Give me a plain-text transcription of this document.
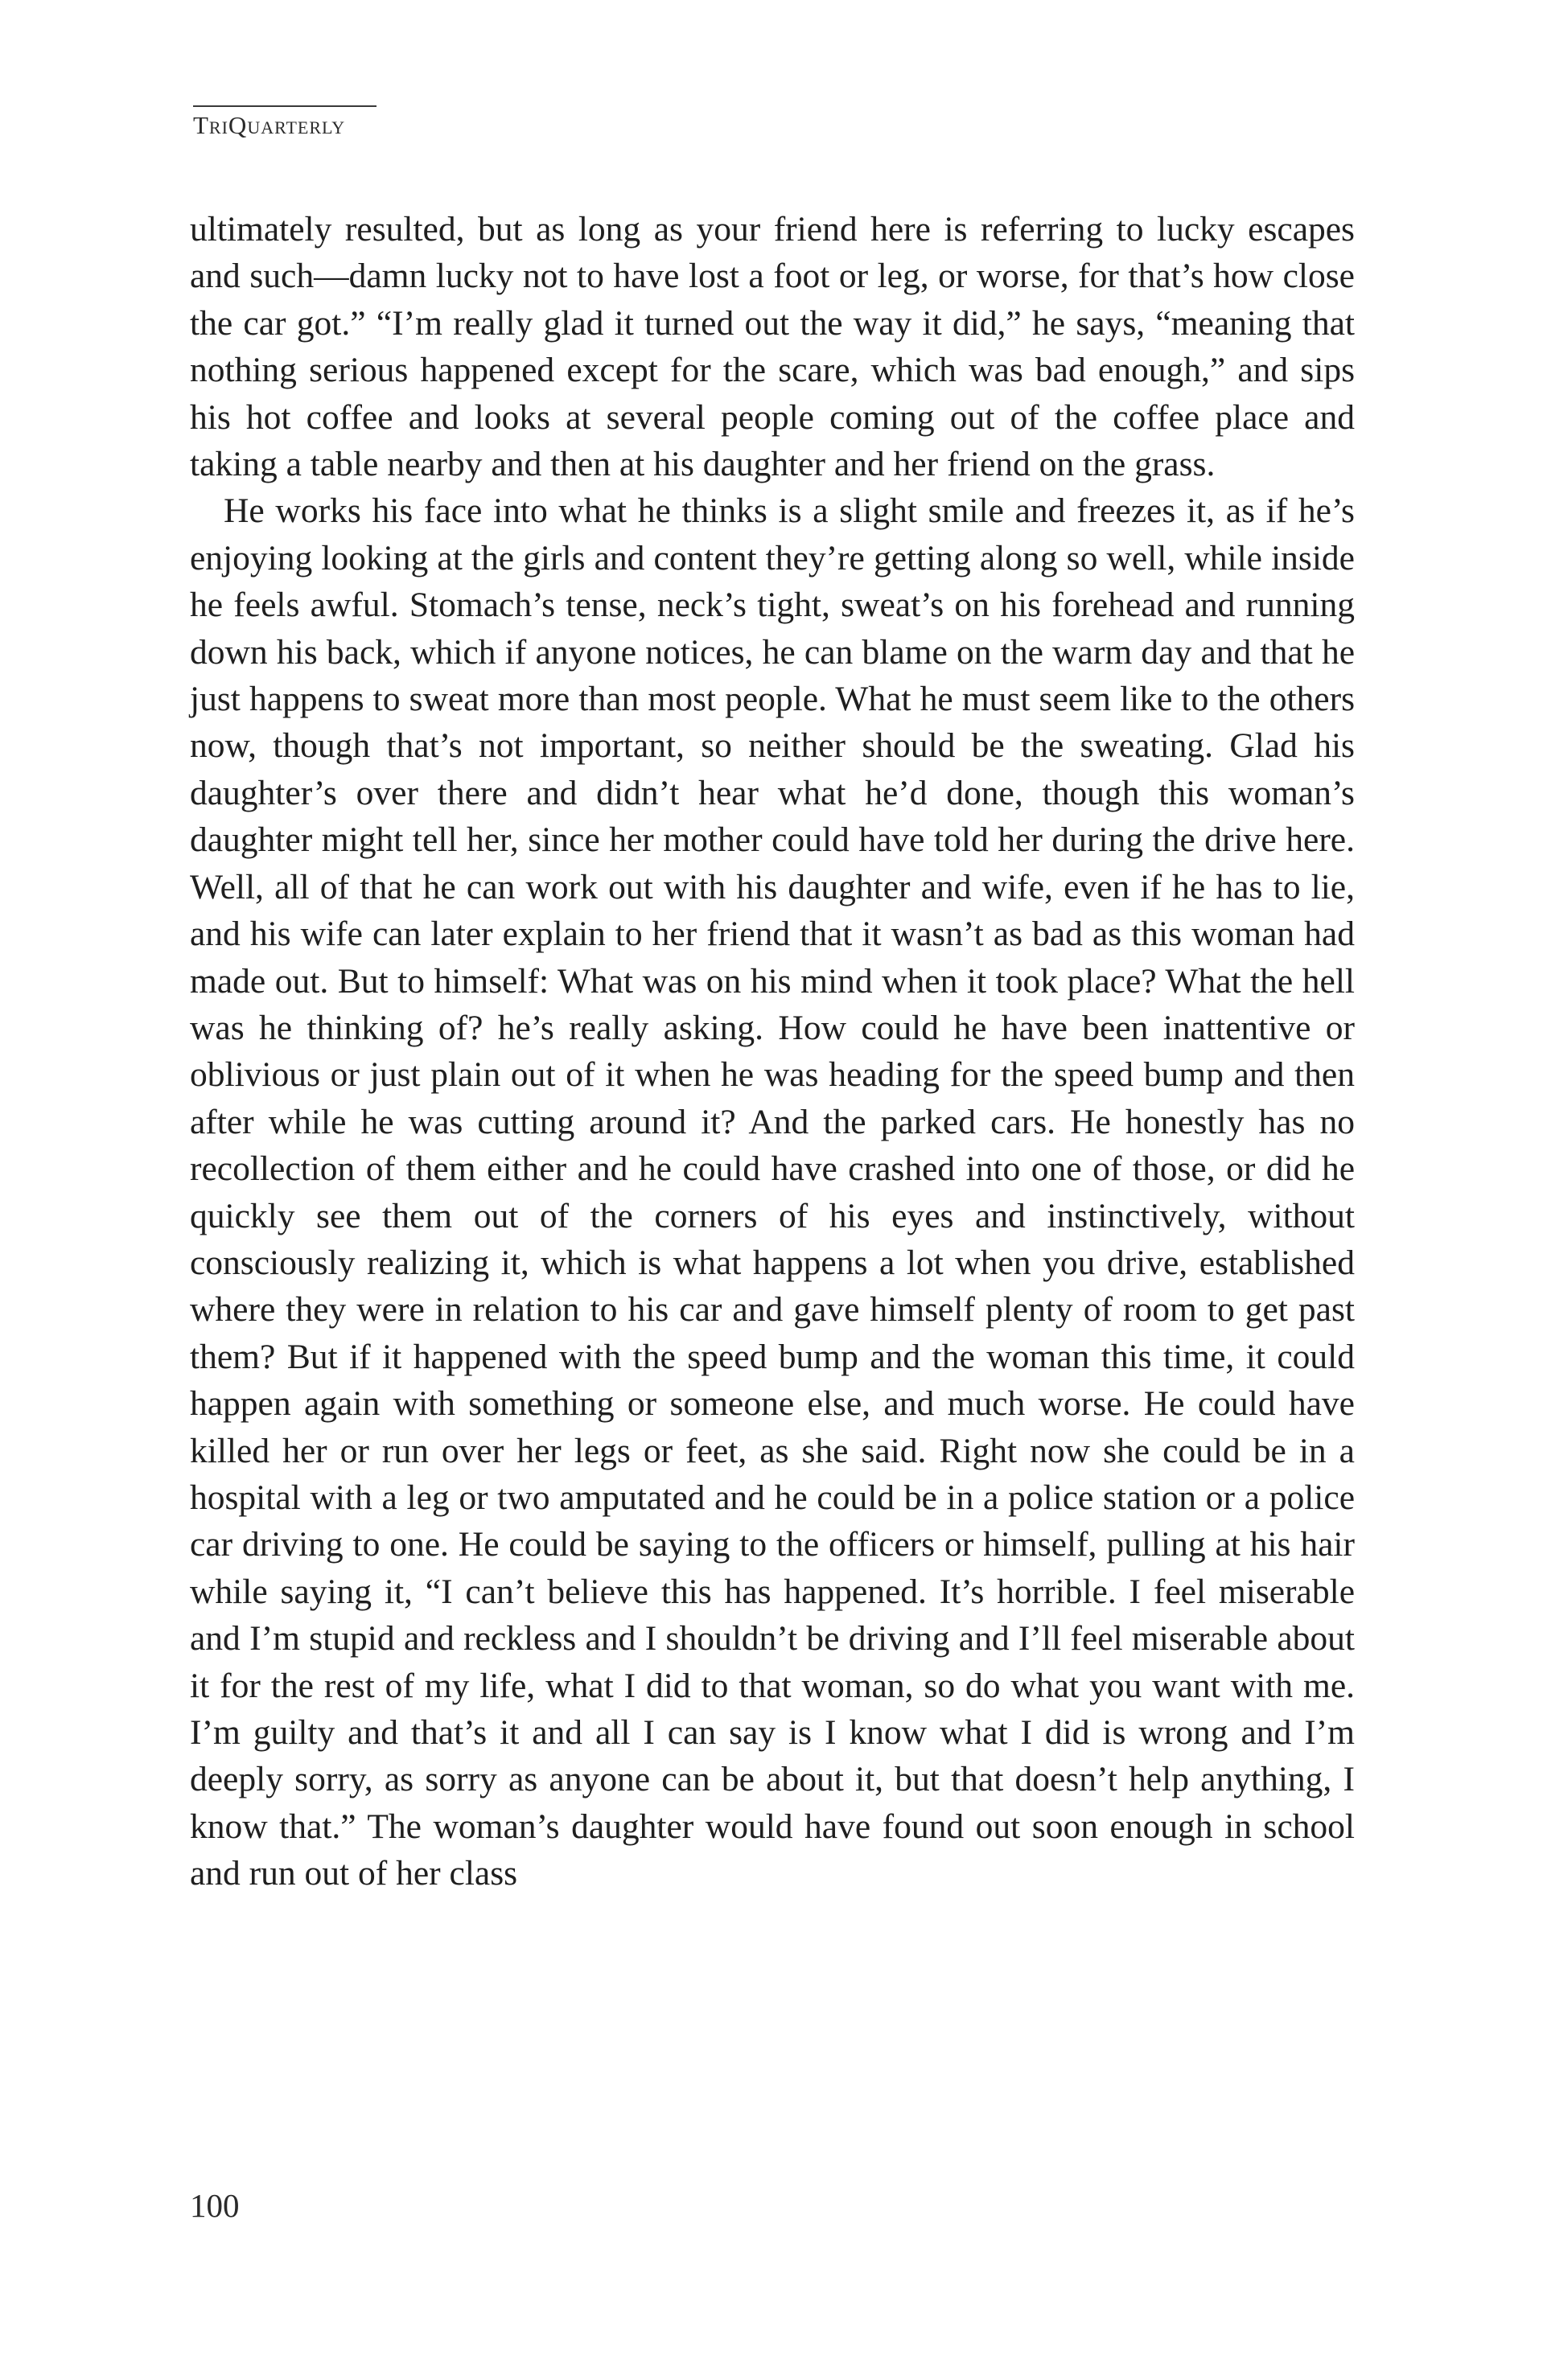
TriQuarterly

ultimately resulted, but as long as your friend here is referring to lucky escapes and such—damn lucky not to have lost a foot or leg, or worse, for that’s how close the car got.” “I’m really glad it turned out the way it did,” he says, “meaning that nothing serious happened except for the scare, which was bad enough,” and sips his hot coffee and looks at several people coming out of the coffee place and taking a table nearby and then at his daughter and her friend on the grass.

He works his face into what he thinks is a slight smile and freezes it, as if he’s enjoying looking at the girls and content they’re getting along so well, while inside he feels awful. Stomach’s tense, neck’s tight, sweat’s on his forehead and running down his back, which if anyone notices, he can blame on the warm day and that he just happens to sweat more than most people. What he must seem like to the others now, though that’s not important, so neither should be the sweating. Glad his daughter’s over there and didn’t hear what he’d done, though this woman’s daughter might tell her, since her mother could have told her during the drive here. Well, all of that he can work out with his daughter and wife, even if he has to lie, and his wife can later explain to her friend that it wasn’t as bad as this woman had made out. But to himself: What was on his mind when it took place? What the hell was he thinking of? he’s really asking. How could he have been inattentive or oblivious or just plain out of it when he was heading for the speed bump and then after while he was cutting around it? And the parked cars. He honestly has no recollection of them either and he could have crashed into one of those, or did he quickly see them out of the corners of his eyes and instinctively, without consciously realizing it, which is what happens a lot when you drive, established where they were in relation to his car and gave himself plenty of room to get past them? But if it happened with the speed bump and the woman this time, it could happen again with something or someone else, and much worse. He could have killed her or run over her legs or feet, as she said. Right now she could be in a hospital with a leg or two amputated and he could be in a police station or a police car driving to one. He could be saying to the officers or himself, pulling at his hair while saying it, “I can’t believe this has happened. It’s horrible. I feel miserable and I’m stupid and reckless and I shouldn’t be driving and I’ll feel miserable about it for the rest of my life, what I did to that woman, so do what you want with me. I’m guilty and that’s it and all I can say is I know what I did is wrong and I’m deeply sorry, as sorry as anyone can be about it, but that doesn’t help anything, I know that.” The woman’s daughter would have found out soon enough in school and run out of her class

100
